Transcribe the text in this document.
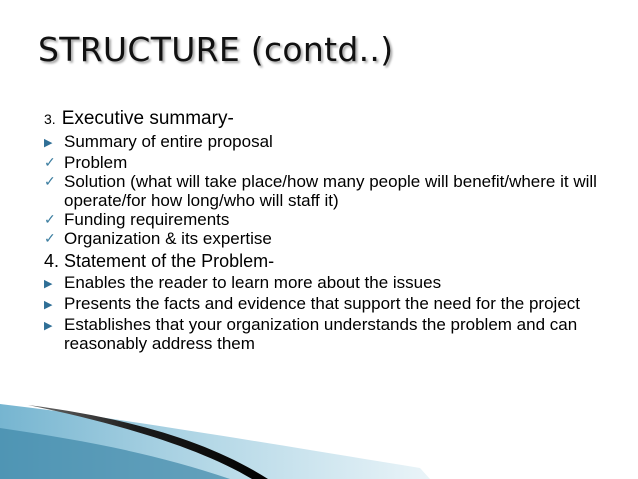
STRUCTURE (contd..)
3. Executive summary-
▶ Summary of entire proposal
✓ Problem
✓ Solution (what will take place/how many people will benefit/where it will operate/for how long/who will staff it)
✓ Funding requirements
✓ Organization & its expertise
4. Statement of the Problem-
▶ Enables the reader to learn more about the issues
▶ Presents the facts and evidence that support the need for the project
▶ Establishes that your organization understands the problem and can reasonably address them
